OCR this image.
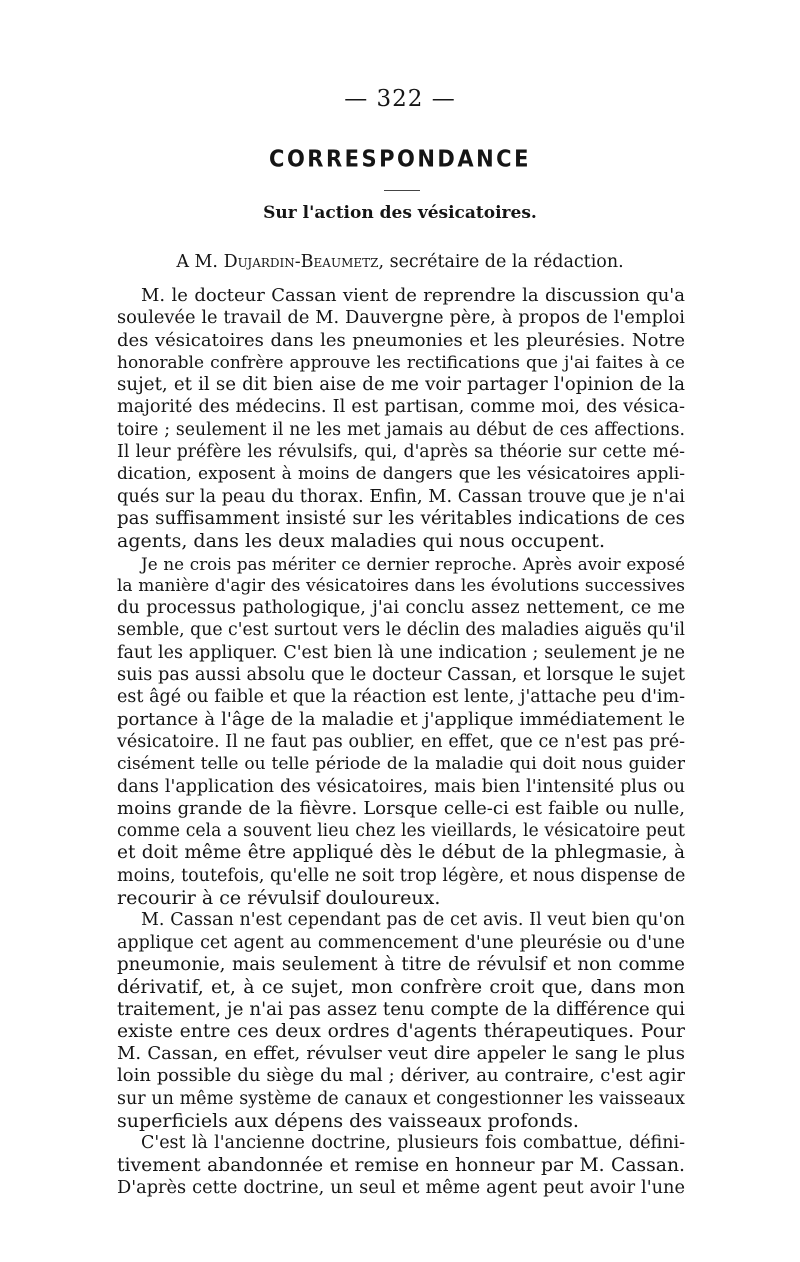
— 322 —
CORRESPONDANCE
Sur l'action des vésicatoires.
A M. Dujardin-Beaumetz, secrétaire de la rédaction.
M. le docteur Cassan vient de reprendre la discussion qu'a
soulevée le travail de M. Dauvergne père, à propos de l'emploi
des vésicatoires dans les pneumonies et les pleurésies. Notre
honorable confrère approuve les rectifications que j'ai faites à ce
sujet, et il se dit bien aise de me voir partager l'opinion de la
majorité des médecins. Il est partisan, comme moi, des vésica-
toire ; seulement il ne les met jamais au début de ces affections.
Il leur préfère les révulsifs, qui, d'après sa théorie sur cette mé-
dication, exposent à moins de dangers que les vésicatoires appli-
qués sur la peau du thorax. Enfin, M. Cassan trouve que je n'ai
pas suffisamment insisté sur les véritables indications de ces
agents, dans les deux maladies qui nous occupent.
Je ne crois pas mériter ce dernier reproche. Après avoir exposé
la manière d'agir des vésicatoires dans les évolutions successives
du processus pathologique, j'ai conclu assez nettement, ce me
semble, que c'est surtout vers le déclin des maladies aiguës qu'il
faut les appliquer. C'est bien là une indication ; seulement je ne
suis pas aussi absolu que le docteur Cassan, et lorsque le sujet
est âgé ou faible et que la réaction est lente, j'attache peu d'im-
portance à l'âge de la maladie et j'applique immédiatement le
vésicatoire. Il ne faut pas oublier, en effet, que ce n'est pas pré-
cisément telle ou telle période de la maladie qui doit nous guider
dans l'application des vésicatoires, mais bien l'intensité plus ou
moins grande de la fièvre. Lorsque celle-ci est faible ou nulle,
comme cela a souvent lieu chez les vieillards, le vésicatoire peut
et doit même être appliqué dès le début de la phlegmasie, à
moins, toutefois, qu'elle ne soit trop légère, et nous dispense de
recourir à ce révulsif douloureux.
M. Cassan n'est cependant pas de cet avis. Il veut bien qu'on
applique cet agent au commencement d'une pleurésie ou d'une
pneumonie, mais seulement à titre de révulsif et non comme
dérivatif, et, à ce sujet, mon confrère croit que, dans mon
traitement, je n'ai pas assez tenu compte de la différence qui
existe entre ces deux ordres d'agents thérapeutiques. Pour
M. Cassan, en effet, révulser veut dire appeler le sang le plus
loin possible du siège du mal ; dériver, au contraire, c'est agir
sur un même système de canaux et congestionner les vaisseaux
superficiels aux dépens des vaisseaux profonds.
C'est là l'ancienne doctrine, plusieurs fois combattue, défini-
tivement abandonnée et remise en honneur par M. Cassan.
D'après cette doctrine, un seul et même agent peut avoir l'une
